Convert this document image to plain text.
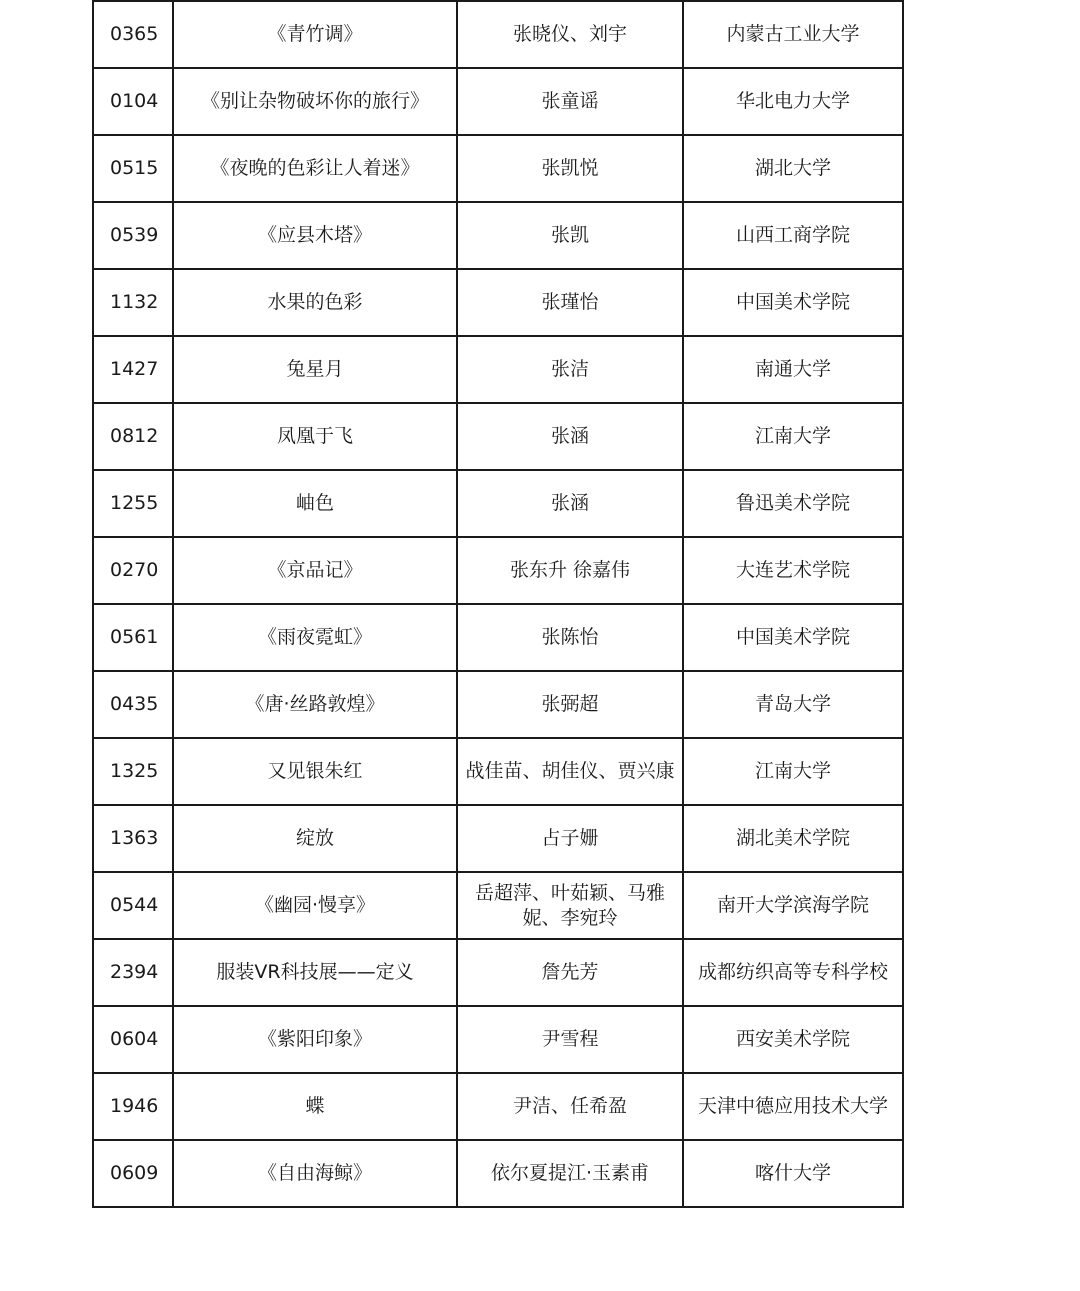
0365	《青竹调》	张晓仪、刘宇	内蒙古工业大学
0104	《别让杂物破坏你的旅行》	张童谣	华北电力大学
0515	《夜晚的色彩让人着迷》	张凯悦	湖北大学
0539	《应县木塔》	张凯	山西工商学院
1132	水果的色彩	张瑾怡	中国美术学院
1427	兔星月	张洁	南通大学
0812	凤凰于飞	张涵	江南大学
1255	岫色	张涵	鲁迅美术学院
0270	《京品记》	张东升 徐嘉伟	大连艺术学院
0561	《雨夜霓虹》	张陈怡	中国美术学院
0435	《唐·丝路敦煌》	张弼超	青岛大学
1325	又见银朱红	战佳苗、胡佳仪、贾兴康	江南大学
1363	绽放	占子姗	湖北美术学院
0544	《幽园·慢享》	岳超萍、叶茹颖、马雅妮、李宛玲	南开大学滨海学院
2394	服装VR科技展——定义	詹先芳	成都纺织高等专科学校
0604	《紫阳印象》	尹雪程	西安美术学院
1946	蝶	尹洁、任希盈	天津中德应用技术大学
0609	《自由海鲸》	依尔夏提江·玉素甫	喀什大学
